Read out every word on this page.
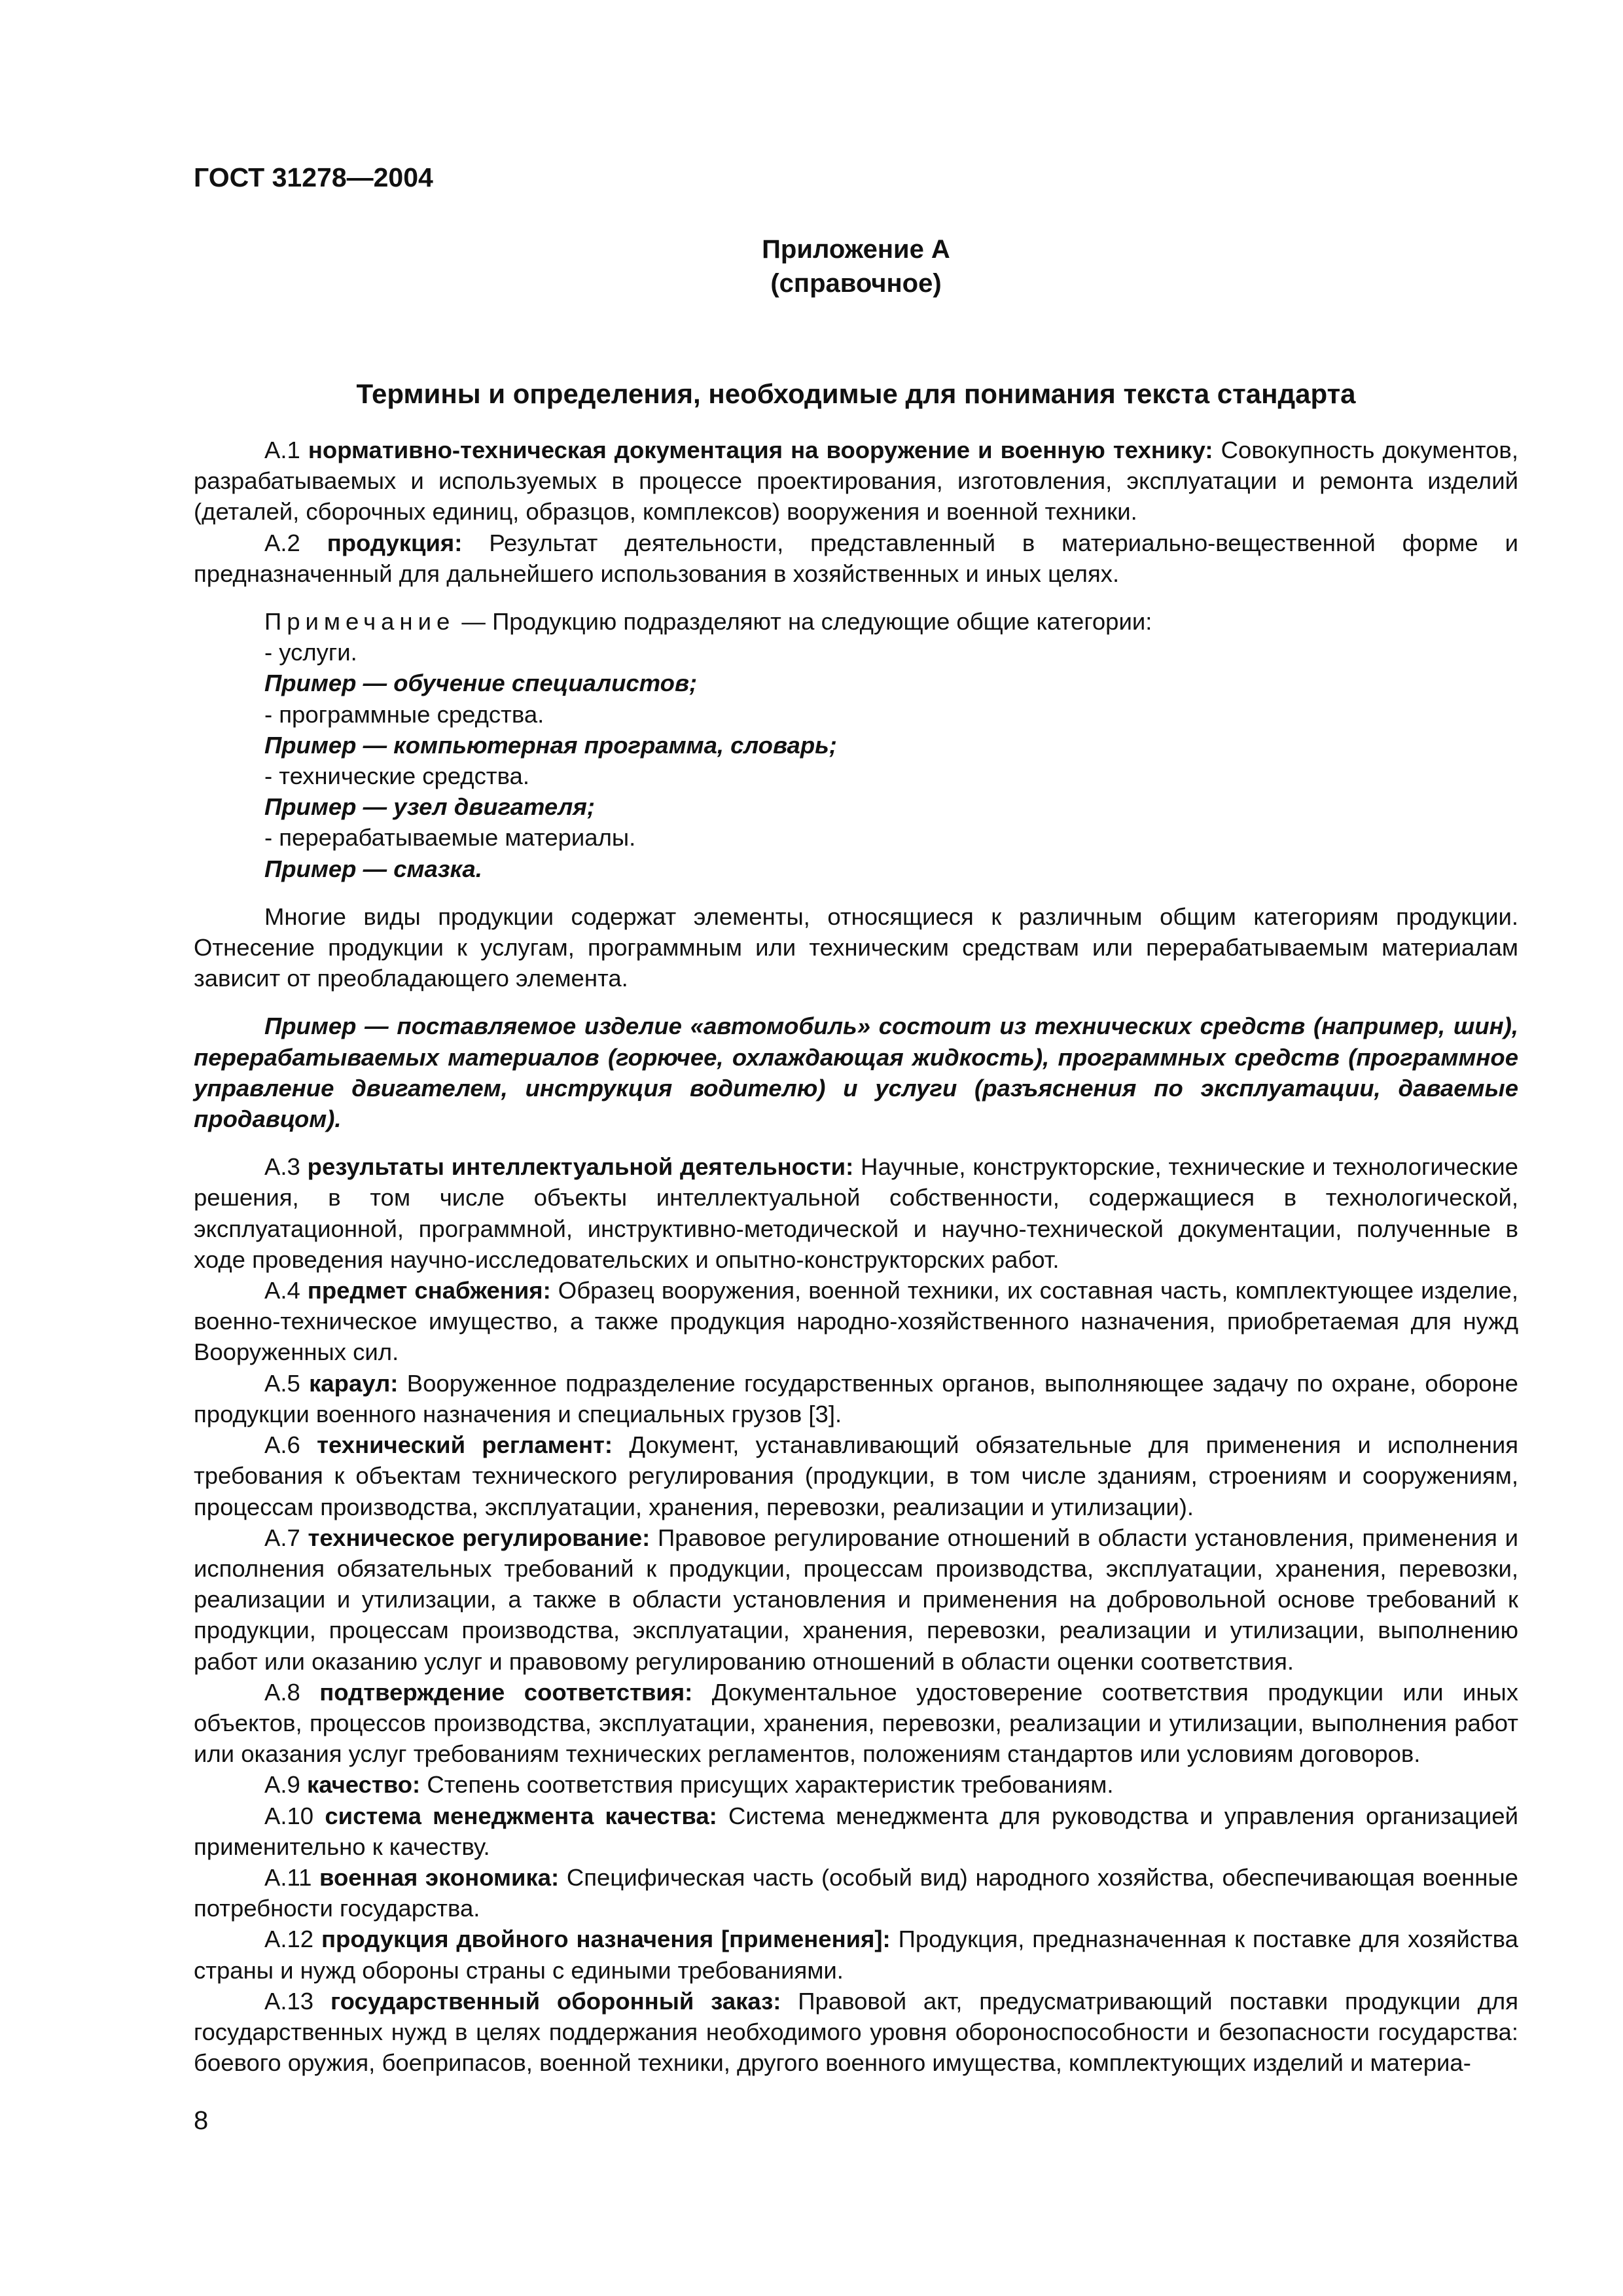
ГОСТ 31278—2004
Приложение А
(справочное)
Термины и определения, необходимые для понимания текста стандарта

А.1 нормативно-техническая документация на вооружение и военную технику: Совокупность документов, разрабатываемых и используемых в процессе проектирования, изготовления, эксплуатации и ремонта изделий (деталей, сборочных единиц, образцов, комплексов) вооружения и военной техники.

А.2 продукция: Результат деятельности, представленный в материально-вещественной форме и предназначенный для дальнейшего использования в хозяйственных и иных целях.

Примечание — Продукцию подразделяют на следующие общие категории:

- услуги.

Пример — обучение специалистов;

- программные средства.

Пример — компьютерная программа, словарь;

- технические средства.

Пример — узел двигателя;

- перерабатываемые материалы.

Пример — смазка.

Многие виды продукции содержат элементы, относящиеся к различным общим категориям продукции. Отнесение продукции к услугам, программным или техническим средствам или перерабатываемым материалам зависит от преобладающего элемента.

Пример — поставляемое изделие «автомобиль» состоит из технических средств (например, шин), перерабатываемых материалов (горючее, охлаждающая жидкость), программных средств (программное управление двигателем, инструкция водителю) и услуги (разъяснения по эксплуатации, даваемые продавцом).

А.3 результаты интеллектуальной деятельности: Научные, конструкторские, технические и технологические решения, в том числе объекты интеллектуальной собственности, содержащиеся в технологической, эксплуатационной, программной, инструктивно-методической и научно-технической документации, полученные в ходе проведения научно-исследовательских и опытно-конструкторских работ.

А.4 предмет снабжения: Образец вооружения, военной техники, их составная часть, комплектующее изделие, военно-техническое имущество, а также продукция народно-хозяйственного назначения, приобретаемая для нужд Вооруженных сил.

А.5 караул: Вооруженное подразделение государственных органов, выполняющее задачу по охране, обороне продукции военного назначения и специальных грузов [3].

А.6 технический регламент: Документ, устанавливающий обязательные для применения и исполнения требования к объектам технического регулирования (продукции, в том числе зданиям, строениям и сооружениям, процессам производства, эксплуатации, хранения, перевозки, реализации и утилизации).

А.7 техническое регулирование: Правовое регулирование отношений в области установления, применения и исполнения обязательных требований к продукции, процессам производства, эксплуатации, хранения, перевозки, реализации и утилизации, а также в области установления и применения на добровольной основе требований к продукции, процессам производства, эксплуатации, хранения, перевозки, реализации и утилизации, выполнению работ или оказанию услуг и правовому регулированию отношений в области оценки соответствия.

А.8 подтверждение соответствия: Документальное удостоверение соответствия продукции или иных объектов, процессов производства, эксплуатации, хранения, перевозки, реализации и утилизации, выполнения работ или оказания услуг требованиям технических регламентов, положениям стандартов или условиям договоров.

А.9 качество: Степень соответствия присущих характеристик требованиям.

А.10 система менеджмента качества: Система менеджмента для руководства и управления организацией применительно к качеству.

А.11 военная экономика: Специфическая часть (особый вид) народного хозяйства, обеспечивающая военные потребности государства.

А.12 продукция двойного назначения [применения]: Продукция, предназначенная к поставке для хозяйства страны и нужд обороны страны с едиными требованиями.

А.13 государственный оборонный заказ: Правовой акт, предусматривающий поставки продукции для государственных нужд в целях поддержания необходимого уровня обороноспособности и безопасности государства: боевого оружия, боеприпасов, военной техники, другого военного имущества, комплектующих изделий и материа-

8
